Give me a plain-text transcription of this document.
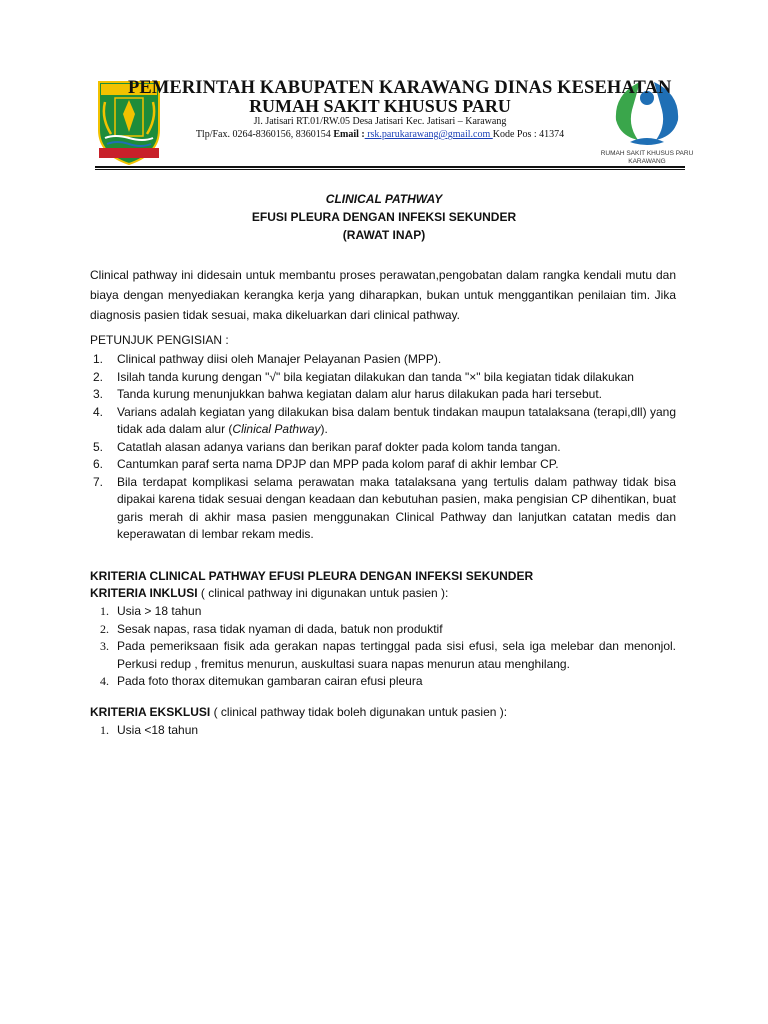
RUMAH SAKIT KHUSUS PARU
KARAWANG
PEMERINTAH KABUPATEN KARAWANG DINAS KESEHATAN
RUMAH SAKIT KHUSUS PARU
Jl. Jatisari RT.01/RW.05 Desa Jatisari Kec. Jatisari – Karawang
Tlp/Fax. 0264-8360156, 8360154 Email : rsk.parukarawang@gmail.com Kode Pos : 41374
CLINICAL PATHWAY
EFUSI PLEURA DENGAN INFEKSI SEKUNDER
(RAWAT INAP)
Clinical pathway ini didesain untuk membantu proses perawatan,pengobatan dalam rangka kendali mutu dan biaya dengan menyediakan kerangka kerja yang diharapkan, bukan untuk menggantikan penilaian tim. Jika diagnosis pasien tidak sesuai, maka dikeluarkan dari clinical pathway.
PETUNJUK PENGISIAN :
1. Clinical pathway diisi oleh Manajer Pelayanan Pasien (MPP).
2. Isilah tanda kurung dengan "√" bila kegiatan dilakukan dan tanda "×" bila kegiatan tidak dilakukan
3. Tanda kurung menunjukkan bahwa kegiatan dalam alur harus dilakukan pada hari tersebut.
4. Varians adalah kegiatan yang dilakukan bisa dalam bentuk tindakan maupun tatalaksana (terapi,dll) yang tidak ada dalam alur (Clinical Pathway).
5. Catatlah alasan adanya varians dan berikan paraf dokter pada kolom tanda tangan.
6. Cantumkan paraf serta nama DPJP dan MPP pada kolom paraf di akhir lembar CP.
7. Bila terdapat komplikasi selama perawatan maka tatalaksana yang tertulis dalam pathway tidak bisa dipakai karena tidak sesuai dengan keadaan dan kebutuhan pasien, maka pengisian CP dihentikan, buat garis merah di akhir masa pasien menggunakan Clinical Pathway dan lanjutkan catatan medis dan keperawatan di lembar rekam medis.
KRITERIA CLINICAL PATHWAY EFUSI PLEURA DENGAN INFEKSI SEKUNDER
KRITERIA INKLUSI ( clinical pathway ini digunakan untuk pasien ):
1. Usia > 18 tahun
2. Sesak napas, rasa tidak nyaman di dada, batuk non produktif
3. Pada pemeriksaan fisik ada gerakan napas tertinggal pada sisi efusi, sela iga melebar dan menonjol. Perkusi redup , fremitus menurun, auskultasi suara napas menurun atau menghilang.
4. Pada foto thorax ditemukan gambaran cairan efusi pleura
KRITERIA EKSKLUSI ( clinical pathway tidak boleh digunakan untuk pasien ):
1. Usia <18 tahun
